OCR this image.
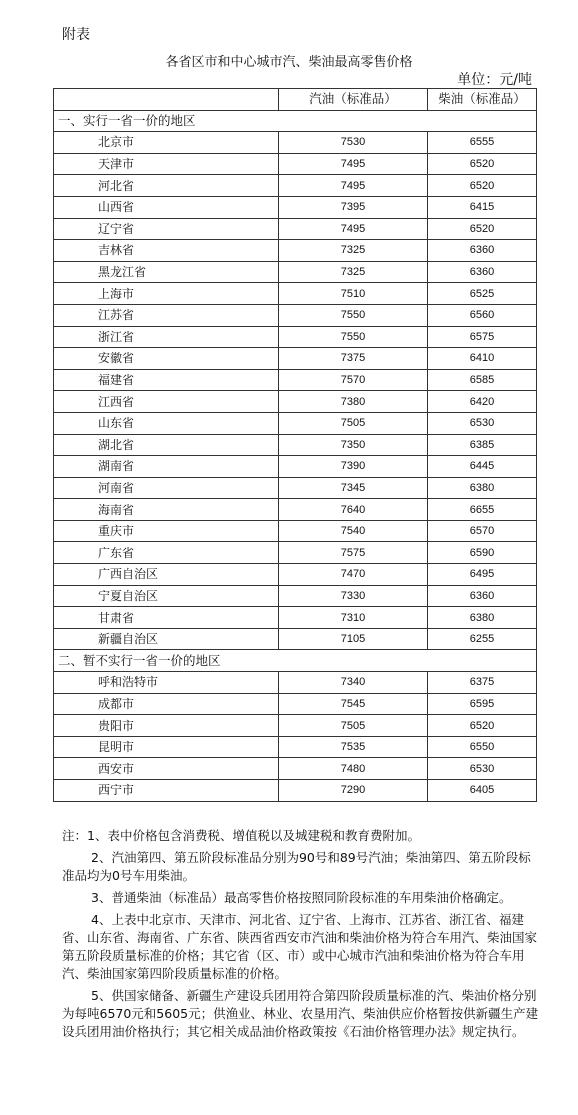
附表
各省区市和中心城市汽、柴油最高零售价格
单位：元/吨
	汽油（标准品）	柴油（标准品）
一、实行一省一价的地区		
北京市	7530	6555
天津市	7495	6520
河北省	7495	6520
山西省	7395	6415
辽宁省	7495	6520
吉林省	7325	6360
黑龙江省	7325	6360
上海市	7510	6525
江苏省	7550	6560
浙江省	7550	6575
安徽省	7375	6410
福建省	7570	6585
江西省	7380	6420
山东省	7505	6530
湖北省	7350	6385
湖南省	7390	6445
河南省	7345	6380
海南省	7640	6655
重庆市	7540	6570
广东省	7575	6590
广西自治区	7470	6495
宁夏自治区	7330	6360
甘肃省	7310	6380
新疆自治区	7105	6255
二、暂不实行一省一价的地区		
呼和浩特市	7340	6375
成都市	7545	6595
贵阳市	7505	6520
昆明市	7535	6550
西安市	7480	6530
西宁市	7290	6405

注：1、表中价格包含消费税、增值税以及城建税和教育费附加。

2、汽油第四、第五阶段标准品分别为90号和89号汽油；柴油第四、第五阶段标准品均为0号车用柴油。

3、普通柴油（标准品）最高零售价格按照同阶段标准的车用柴油价格确定。

4、上表中北京市、天津市、河北省、辽宁省、上海市、江苏省、浙江省、福建省、山东省、海南省、广东省、陕西省西安市汽油和柴油价格为符合车用汽、柴油国家第五阶段质量标准的价格；其它省（区、市）或中心城市汽油和柴油价格为符合车用汽、柴油国家第四阶段质量标准的价格。

5、供国家储备、新疆生产建设兵团用符合第四阶段质量标准的汽、柴油价格分别为每吨6570元和5605元；供渔业、林业、农垦用汽、柴油供应价格暂按供新疆生产建设兵团用油价格执行；其它相关成品油价格政策按《石油价格管理办法》规定执行。
